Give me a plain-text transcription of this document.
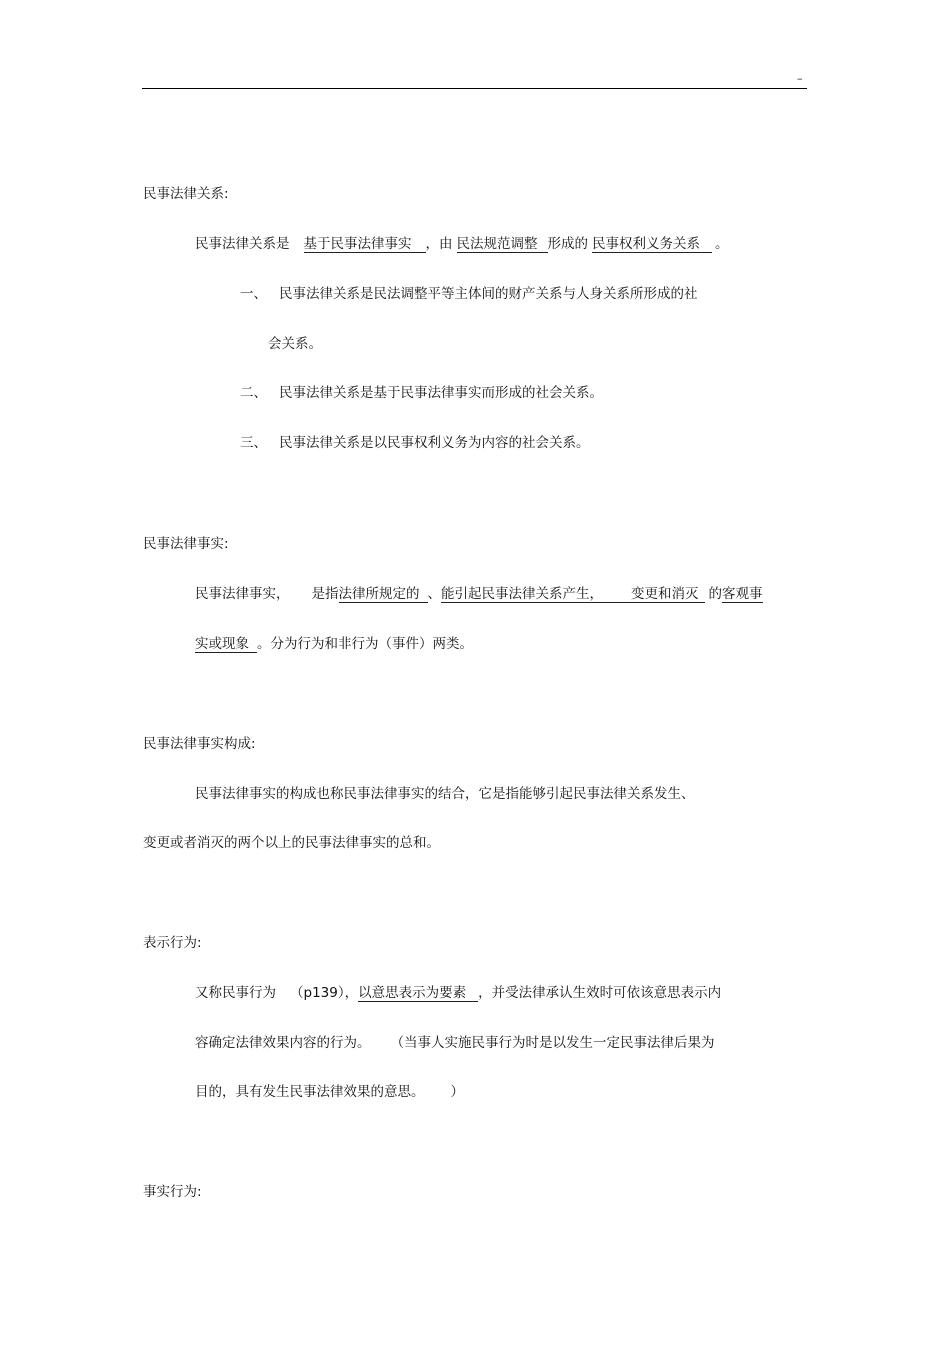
–
民事法律关系:
民事法律关系是 基于民事法律事实 ，由 民法规范调整 形成的 民事权利义务关系 。
一、 民事法律关系是民法调整平等主体间的财产关系与人身关系所形成的社
会关系。
二、 民事法律关系是基于民事法律事实而形成的社会关系。
三、 民事法律关系是以民事权利义务为内容的社会关系。
民事法律事实:
民事法律事实， 是指法律所规定的 、能引起民事法律关系产生， 变更和消灭 的客观事
实或现象 。分为行为和非行为（事件）两类。
民事法律事实构成:
民事法律事实的构成也称民事法律事实的结合，它是指能够引起民事法律关系发生、
变更或者消灭的两个以上的民事法律事实的总和。
表示行为:
又称民事行为 （p139），以意思表示为要素 ，并受法律承认生效时可依该意思表示内
容确定法律效果内容的行为。 （当事人实施民事行为时是以发生一定民事法律后果为
目的，具有发生民事法律效果的意思。 ）
事实行为:
